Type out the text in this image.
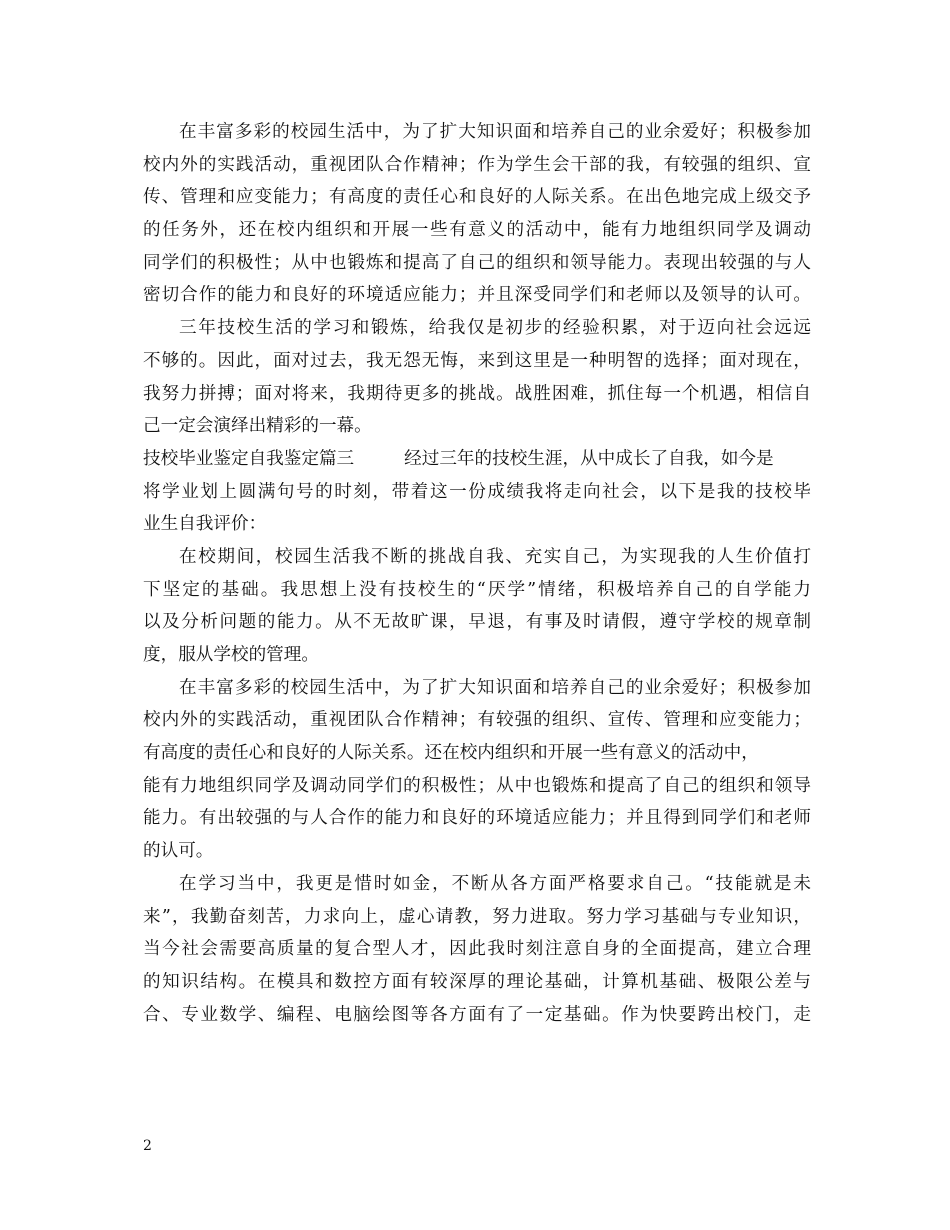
在丰富多彩的校园生活中，为了扩大知识面和培养自己的业余爱好；积极参加
校内外的实践活动，重视团队合作精神；作为学生会干部的我，有较强的组织、宣
传、管理和应变能力；有高度的责任心和良好的人际关系。在出色地完成上级交予
的任务外，还在校内组织和开展一些有意义的活动中，能有力地组织同学及调动
同学们的积极性；从中也锻炼和提高了自己的组织和领导能力。表现出较强的与人
密切合作的能力和良好的环境适应能力；并且深受同学们和老师以及领导的认可。
三年技校生活的学习和锻炼，给我仅是初步的经验积累，对于迈向社会远远
不够的。因此，面对过去，我无怨无悔，来到这里是一种明智的选择；面对现在，
我努力拼搏；面对将来，我期待更多的挑战。战胜困难，抓住每一个机遇，相信自
己一定会演绎出精彩的一幕。
技校毕业鉴定自我鉴定篇三	经过三年的技校生涯，从中成长了自我，如今是
将学业划上圆满句号的时刻，带着这一份成绩我将走向社会，以下是我的技校毕
业生自我评价：
在校期间，校园生活我不断的挑战自我、充实自己，为实现我的人生价值打
下坚定的基础。我思想上没有技校生的“厌学”情绪，积极培养自己的自学能力
以及分析问题的能力。从不无故旷课，早退，有事及时请假，遵守学校的规章制
度，服从学校的管理。
在丰富多彩的校园生活中，为了扩大知识面和培养自己的业余爱好；积极参加
校内外的实践活动，重视团队合作精神；有较强的组织、宣传、管理和应变能力；
有高度的责任心和良好的人际关系。还在校内组织和开展一些有意义的活动中，
能有力地组织同学及调动同学们的积极性；从中也锻炼和提高了自己的组织和领导
能力。有出较强的与人合作的能力和良好的环境适应能力；并且得到同学们和老师
的认可。
在学习当中，我更是惜时如金，不断从各方面严格要求自己。“技能就是未
来”，我勤奋刻苦，力求向上，虚心请教，努力进取。努力学习基础与专业知识，
当今社会需要高质量的复合型人才，因此我时刻注意自身的全面提高，建立合理
的知识结构。在模具和数控方面有较深厚的理论基础，计算机基础、极限公差与
合、专业数学、编程、电脑绘图等各方面有了一定基础。作为快要跨出校门，走
2
